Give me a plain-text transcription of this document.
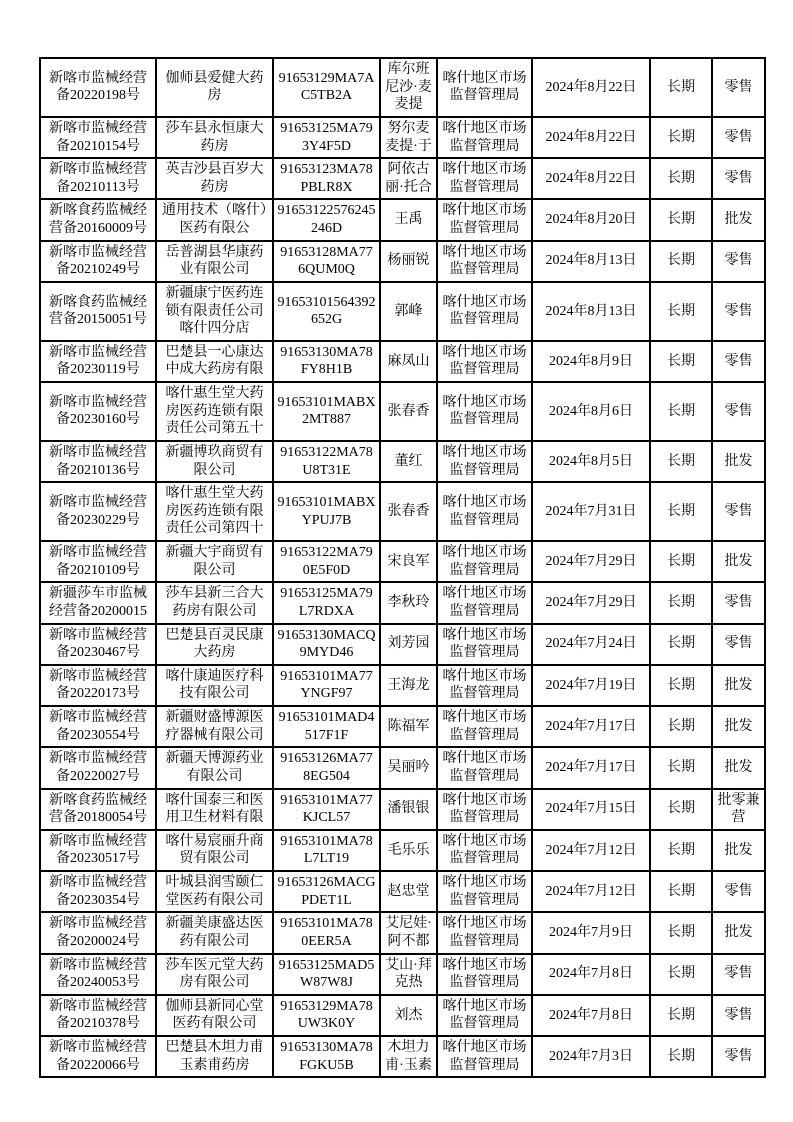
新喀市监械经营备20220198号	伽师县爱健大药房	91653129MA7AC5TB2A	库尔班尼沙·麦麦提	喀什地区市场监督管理局	2024年8月22日	长期	零售
新喀市监械经营备20210154号	莎车县永恒康大药房	91653125MA793Y4F5D	努尔麦麦提·于	喀什地区市场监督管理局	2024年8月22日	长期	零售
新喀市监械经营备20210113号	英吉沙县百岁大药房	91653123MA78PBLR8X	阿依古丽·托合	喀什地区市场监督管理局	2024年8月22日	长期	零售
新喀食药监械经营备20160009号	通用技术（喀什）医药有限公	91653122576245246D	王禹	喀什地区市场监督管理局	2024年8月20日	长期	批发
新喀市监械经营备20210249号	岳普湖县华康药业有限公司	91653128MA776QUM0Q	杨丽锐	喀什地区市场监督管理局	2024年8月13日	长期	零售
新喀食药监械经营备20150051号	新疆康宁医药连锁有限责任公司喀什四分店	91653101564392652G	郭峰	喀什地区市场监督管理局	2024年8月13日	长期	零售
新喀市监械经营备20230119号	巴楚县一心康达中成大药房有限	91653130MA78FY8H1B	麻凤山	喀什地区市场监督管理局	2024年8月9日	长期	零售
新喀市监械经营备20230160号	喀什惠生堂大药房医药连锁有限责任公司第五十	91653101MABX2MT887	张春香	喀什地区市场监督管理局	2024年8月6日	长期	零售
新喀市监械经营备20210136号	新疆博玖商贸有限公司	91653122MA78U8T31E	董红	喀什地区市场监督管理局	2024年8月5日	长期	批发
新喀市监械经营备20230229号	喀什惠生堂大药房医药连锁有限责任公司第四十	91653101MABXYPUJ7B	张春香	喀什地区市场监督管理局	2024年7月31日	长期	零售
新喀市监械经营备20210109号	新疆大宇商贸有限公司	91653122MA790E5F0D	宋良军	喀什地区市场监督管理局	2024年7月29日	长期	批发
新疆莎车市监械经营备20200015	莎车县新三合大药房有限公司	91653125MA79L7RDXA	李秋玲	喀什地区市场监督管理局	2024年7月29日	长期	零售
新喀市监械经营备20230467号	巴楚县百灵民康大药房	91653130MACQ9MYD46	刘芳园	喀什地区市场监督管理局	2024年7月24日	长期	零售
新喀市监械经营备20220173号	喀什康迪医疗科技有限公司	91653101MA77YNGF97	王海龙	喀什地区市场监督管理局	2024年7月19日	长期	批发
新喀市监械经营备20230554号	新疆财盛博源医疗器械有限公司	91653101MAD4517F1F	陈福军	喀什地区市场监督管理局	2024年7月17日	长期	批发
新喀市监械经营备20220027号	新疆天博源药业有限公司	91653126MA778EG504	吴丽吟	喀什地区市场监督管理局	2024年7月17日	长期	批发
新喀食药监械经营备20180054号	喀什国泰三和医用卫生材料有限	91653101MA77KJCL57	潘银银	喀什地区市场监督管理局	2024年7月15日	长期	批零兼营
新喀市监械经营备20230517号	喀什易宸丽升商贸有限公司	91653101MA78L7LT19	毛乐乐	喀什地区市场监督管理局	2024年7月12日	长期	批发
新喀市监械经营备20230354号	叶城县润雪颐仁堂医药有限公司	91653126MACGPDET1L	赵忠堂	喀什地区市场监督管理局	2024年7月12日	长期	零售
新喀市监械经营备20200024号	新疆美康盛达医药有限公司	91653101MA780EER5A	艾尼娃·阿不都	喀什地区市场监督管理局	2024年7月9日	长期	批发
新喀市监械经营备20240053号	莎车医元堂大药房有限公司	91653125MAD5W87W8J	艾山·拜克热	喀什地区市场监督管理局	2024年7月8日	长期	零售
新喀市监械经营备20210378号	伽师县新同心堂医药有限公司	91653129MA78UW3K0Y	刘杰	喀什地区市场监督管理局	2024年7月8日	长期	零售
新喀市监械经营备20220066号	巴楚县木坦力甫玉素甫药房	91653130MA78FGKU5B	木坦力甫·玉素	喀什地区市场监督管理局	2024年7月3日	长期	零售
